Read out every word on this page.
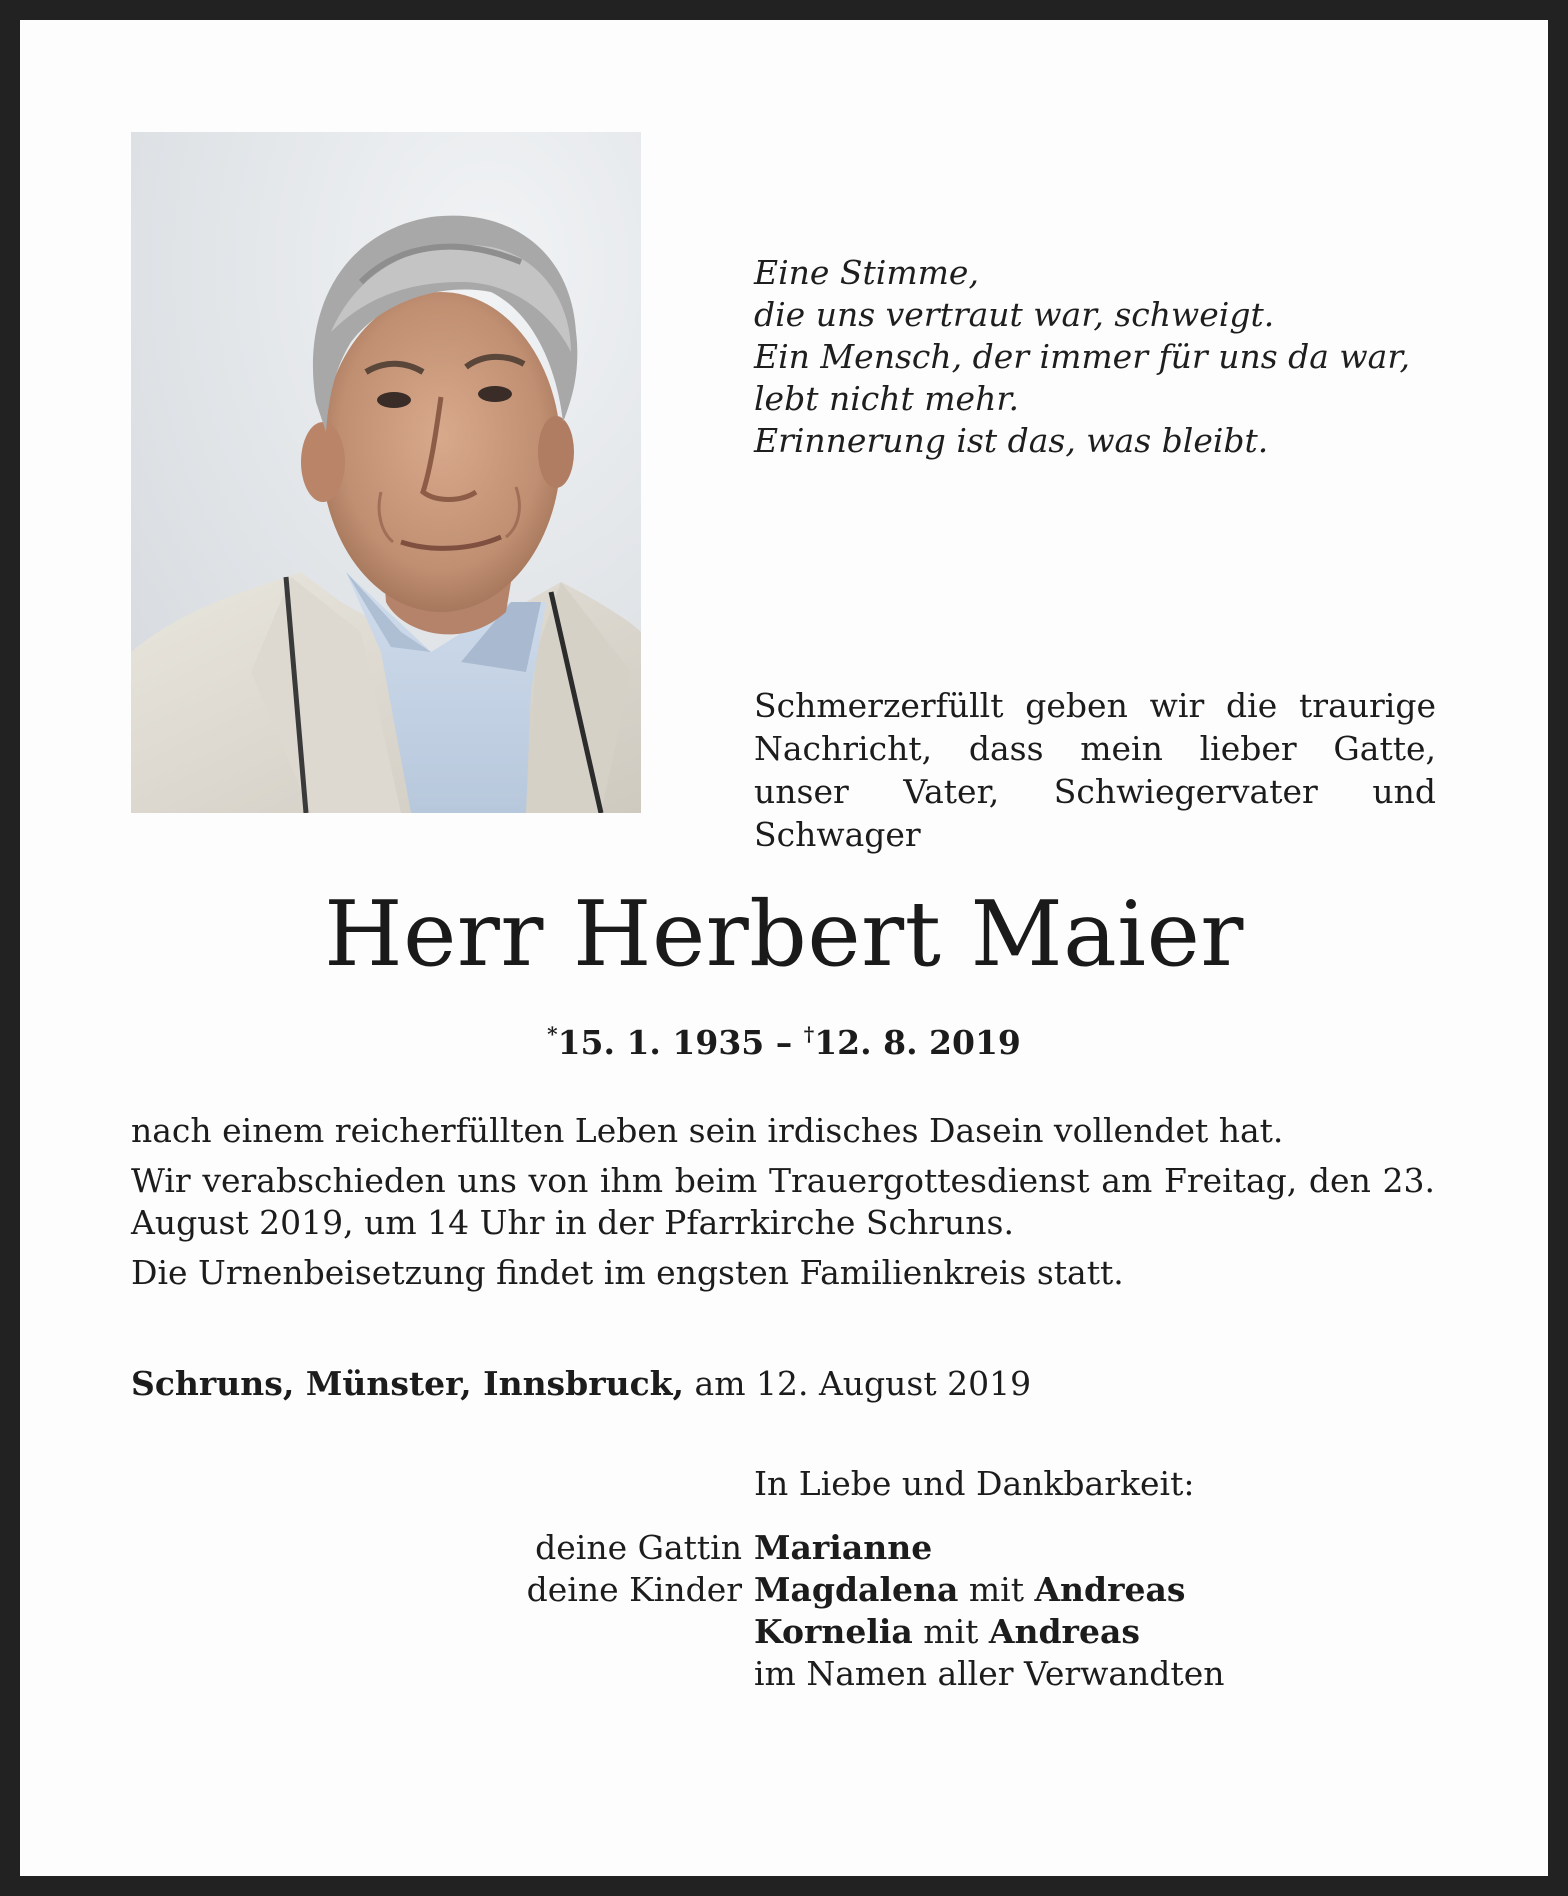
Eine Stimme,
die uns vertraut war, schweigt.
Ein Mensch, der immer für uns da war,
lebt nicht mehr.
Erinnerung ist das, was bleibt.

Schmerzerfüllt geben wir die traurige Nachricht, dass mein lieber Gatte, unser Vater, Schwiegervater und Schwager

Herr Herbert Maier
*15. 1. 1935 – †12. 8. 2019

nach einem reicherfüllten Leben sein irdisches Dasein vollendet hat.

Wir verabschieden uns von ihm beim Trauergottesdienst am Freitag, den 23. August 2019, um 14 Uhr in der Pfarrkirche Schruns.

Die Urnenbeisetzung findet im engsten Familienkreis statt.

Schruns, Münster, Innsbruck, am 12. August 2019
In Liebe und Dankbarkeit:
deine Gattin Marianne
deine Kinder Magdalena mit Andreas
Kornelia mit Andreas
im Namen aller Verwandten
